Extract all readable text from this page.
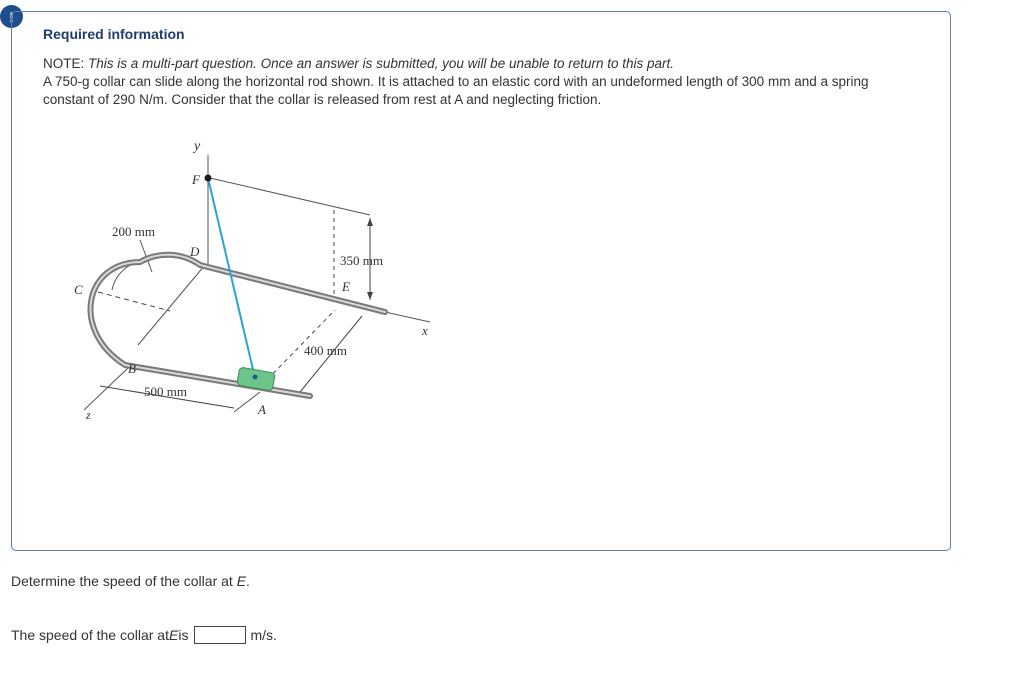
!
Required information
NOTE: This is a multi-part question. Once an answer is submitted, you will be unable to return to this part.
A 750-g collar can slide along the horizontal rod shown. It is attached to an elastic cord with an undeformed length of 300 mm and a spring constant of 290 N/m. Consider that the collar is released from rest at A and neglecting friction.
y
F
D
C	E
B
A
x
z
200 mm
350 mm
400 mm
500 mm
Determine the speed of the collar at E.
The speed of the collar at E is	m/s.
